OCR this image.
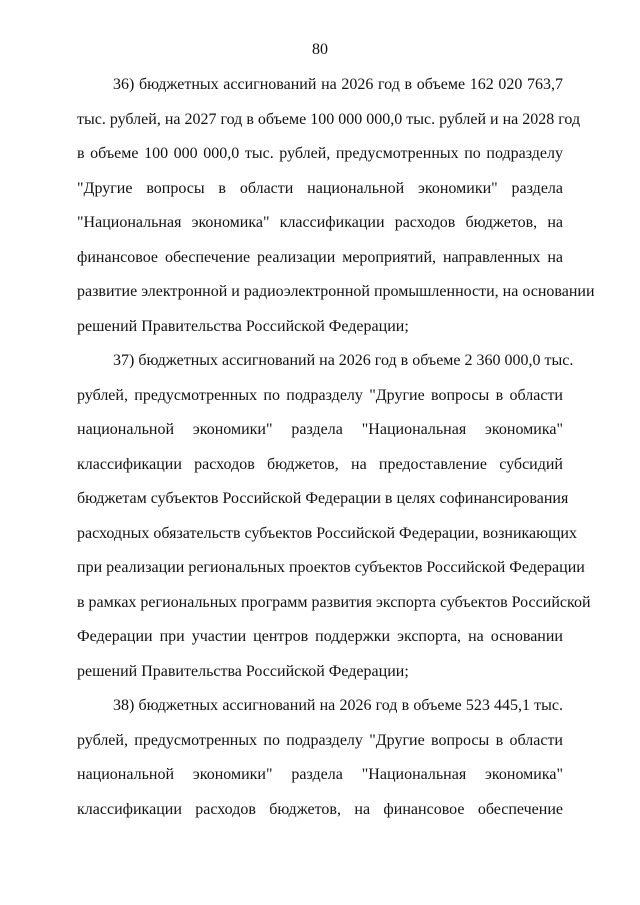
80
36) бюджетных ассигнований на 2026 год в объеме 162 020 763,7
тыс. рублей, на 2027 год в объеме 100 000 000,0 тыс. рублей и на 2028 год
в объеме 100 000 000,0 тыс. рублей, предусмотренных по подразделу
"Другие вопросы в области национальной экономики" раздела
"Национальная экономика" классификации расходов бюджетов, на
финансовое обеспечение реализации мероприятий, направленных на
развитие электронной и радиоэлектронной промышленности, на основании
решений Правительства Российской Федерации;
37) бюджетных ассигнований на 2026 год в объеме 2 360 000,0 тыс.
рублей, предусмотренных по подразделу "Другие вопросы в области
национальной экономики" раздела "Национальная экономика"
классификации расходов бюджетов, на предоставление субсидий
бюджетам субъектов Российской Федерации в целях софинансирования
расходных обязательств субъектов Российской Федерации, возникающих
при реализации региональных проектов субъектов Российской Федерации
в рамках региональных программ развития экспорта субъектов Российской
Федерации при участии центров поддержки экспорта, на основании
решений Правительства Российской Федерации;
38) бюджетных ассигнований на 2026 год в объеме 523 445,1 тыс.
рублей, предусмотренных по подразделу "Другие вопросы в области
национальной экономики" раздела "Национальная экономика"
классификации расходов бюджетов, на финансовое обеспечение
